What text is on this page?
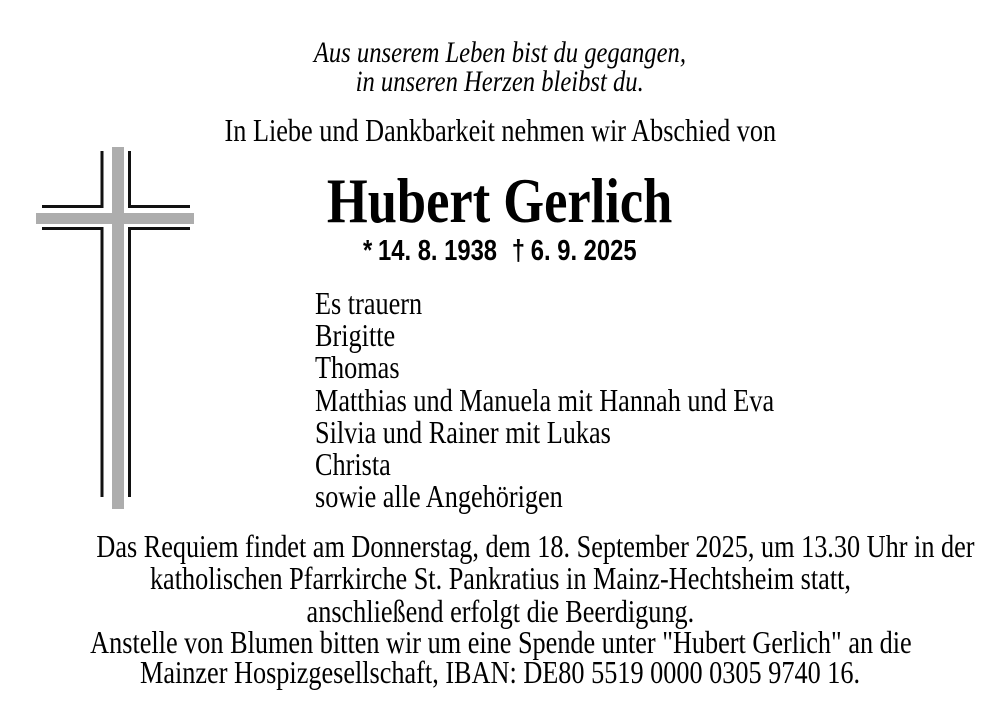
Aus unserem Leben bist du gegangen,
in unseren Herzen bleibst du.
In Liebe und Dankbarkeit nehmen wir Abschied von
Hubert Gerlich
* 14. 8. 1938 † 6. 9. 2025
Es trauern
Brigitte
Thomas
Matthias und Manuela mit Hannah und Eva
Silvia und Rainer mit Lukas
Christa
sowie alle Angehörigen
Das Requiem findet am Donnerstag, dem 18. September 2025, um 13.30 Uhr in der
katholischen Pfarrkirche St. Pankratius in Mainz-Hechtsheim statt,
anschließend erfolgt die Beerdigung.
Anstelle von Blumen bitten wir um eine Spende unter "Hubert Gerlich" an die
Mainzer Hospizgesellschaft, IBAN: DE80 5519 0000 0305 9740 16.
